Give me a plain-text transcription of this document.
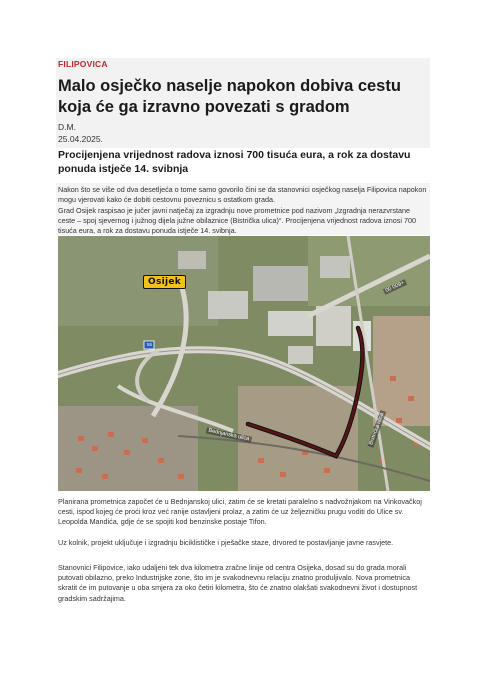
FILIPOVICA
Malo osječko naselje napokon dobiva cestu koja će ga izravno povezati s gradom
D.M.
25.04.2025.
Procijenjena vrijednost radova iznosi 700 tisuća eura, a rok za dostavu ponuda istječe 14. svibnja
Nakon što se više od dva desetljeća o tome samo govorilo čini se da stanovnici osječkog naselja Filipovica napokon mogu vjerovati kako će dobiti cestovnu poveznicu s ostatkom grada.
Grad Osijek raspisao je jučer javni natječaj za izgradnju nove prometnice pod nazivom „Izgradnja nerazvrstane ceste – spoj sjevernog i južnog dijela južne obilaznice (Bistrička ulica)“. Procijenjena vrijednost radova iznosi 700 tisuća eura, a rok za dostavu ponuda istječe 14. svibnja.
Osijek	00 009+
Bednjanska ulica	Bistrička ulica
55
Planirana prometnica započet će u Bednjanskoj ulici, zatim će se kretati paralelno s nadvožnjakom na Vinkovačkoj cesti, ispod kojeg će proći kroz već ranije ostavljeni prolaz, a zatim će uz željezničku prugu voditi do Ulice sv. Leopolda Mandića, gdje će se spojiti kod benzinske postaje Tifon.
Uz kolnik, projekt uključuje i izgradnju biciklističke i pješačke staze, drvored te postavljanje javne rasvjete.
Stanovnici Filipovice, iako udaljeni tek dva kilometra zračne linije od centra Osijeka, dosad su do grada morali putovati obilazno, preko Industrijske zone, što im je svakodnevnu relaciju znatno produljivalo. Nova prometnica skratit će im putovanje u oba smjera za oko četiri kilometra, što će znatno olakšati svakodnevni život i dostupnost gradskim sadržajima.
